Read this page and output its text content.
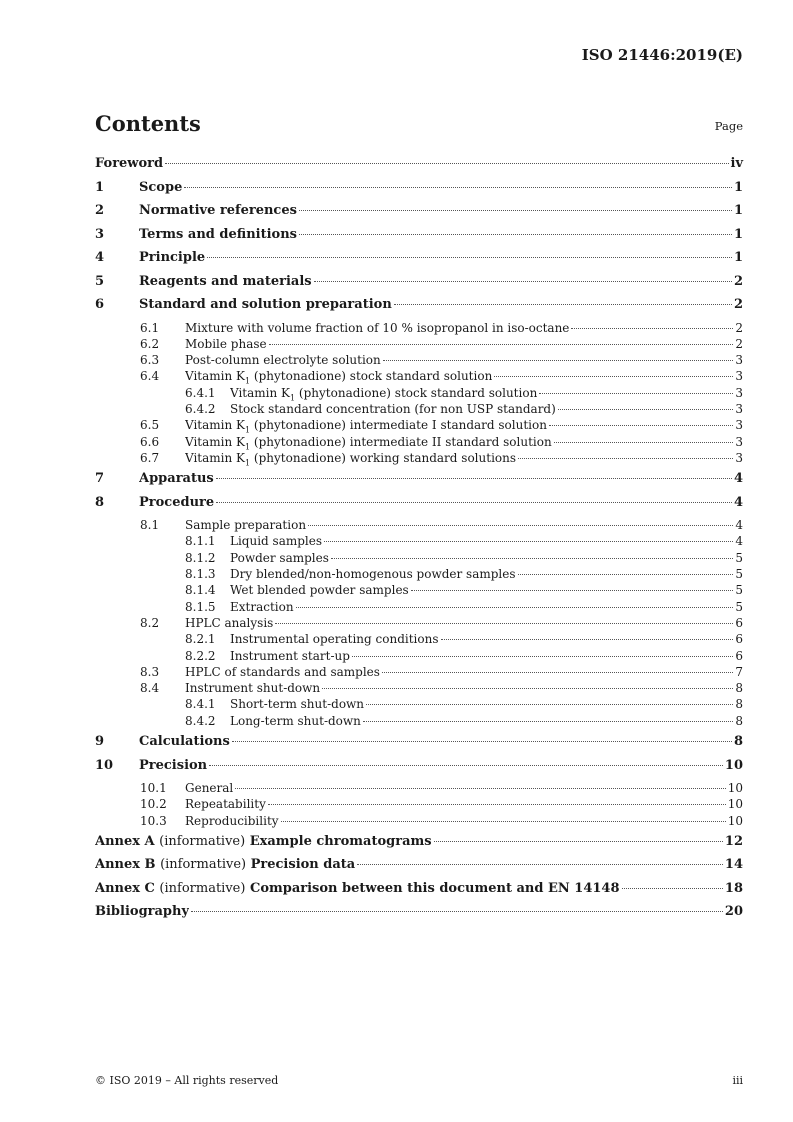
ISO 21446:2019(E)
Contents	Page
Foreword	iv
1	Scope	1
2	Normative references	1
3	Terms and definitions	1
4	Principle	1
5	Reagents and materials	2
6	Standard and solution preparation	2
6.1	Mixture with volume fraction of 10 % isopropanol in iso-octane	2
6.2	Mobile phase	2
6.3	Post-column electrolyte solution	3
6.4	Vitamin $K_1$ (phytonadione) stock standard solution	3
6.4.1	Vitamin $K_1$ (phytonadione) stock standard solution	3
6.4.2	Stock standard concentration (for non USP standard)	3
6.5	Vitamin $K_1$ (phytonadione) intermediate I standard solution	3
6.6	Vitamin $K_1$ (phytonadione) intermediate II standard solution	3
6.7	Vitamin $K_1$ (phytonadione) working standard solutions	3
7	Apparatus	4
8	Procedure	4
8.1	Sample preparation	4
8.1.1	Liquid samples	4
8.1.2	Powder samples	5
8.1.3	Dry blended/non-homogenous powder samples	5
8.1.4	Wet blended powder samples	5
8.1.5	Extraction	5
8.2	HPLC analysis	6
8.2.1	Instrumental operating conditions	6
8.2.2	Instrument start-up	6
8.3	HPLC of standards and samples	7
8.4	Instrument shut-down	8
8.4.1	Short-term shut-down	8
8.4.2	Long-term shut-down	8
9	Calculations	8
10	Precision	10
10.1	General	10
10.2	Repeatability	10
10.3	Reproducibility	10
Annex A (informative) Example chromatograms	12
Annex B (informative) Precision data	14
Annex C (informative) Comparison between this document and EN 14148	18
Bibliography	20
© ISO 2019 – All rights reserved	iii
